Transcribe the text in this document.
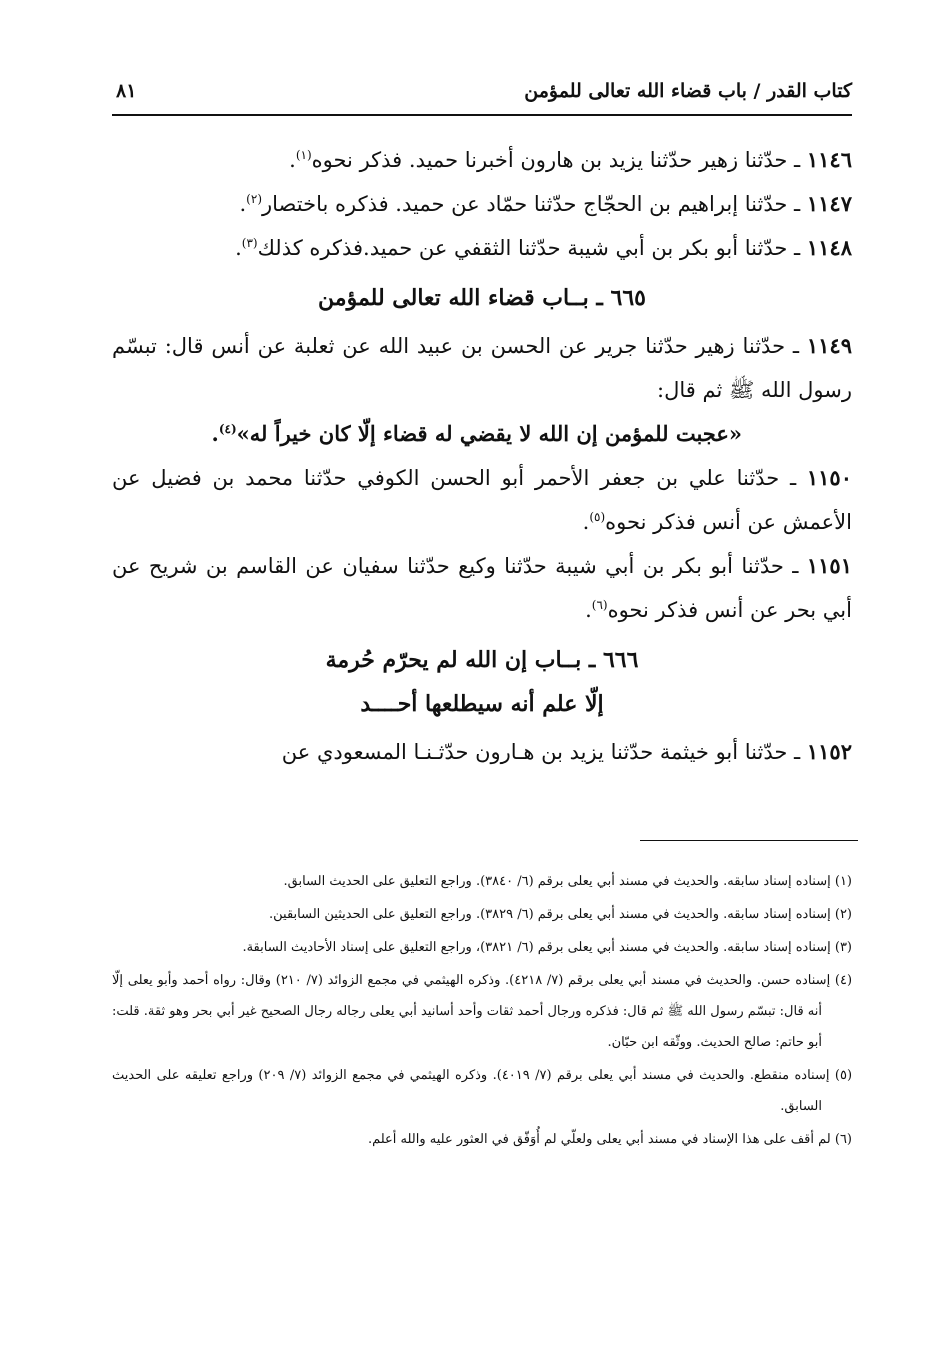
كتاب القدر / باب قضاء الله تعالى للمؤمن
٨١

١١٤٦ ـ حدّثنا زهير حدّثنا يزيد بن هارون أخبرنا حميد. فذكر نحوه$^{(١)}$.

١١٤٧ ـ حدّثنا إبراهيم بن الحجّاج حدّثنا حمّاد عن حميد. فذكره باختصار$^{(٢)}$.

١١٤٨ ـ حدّثنا أبو بكر بن أبي شيبة حدّثنا الثقفي عن حميد.فذكره كذلك$^{(٣)}$.

٦٦٥ ـ بــاب قضاء الله تعالى للمؤمن

١١٤٩ ـ حدّثنا زهير حدّثنا جرير عن الحسن بن عبيد الله عن ثعلبة عن أنس قال: تبسّم رسول الله ﷺ ثم قال:

«عجبت للمؤمن إن الله لا يقضي له قضاء إلّا كان خيراً له»$^{(٤)}$.

١١٥٠ ـ حدّثنا علي بن جعفر الأحمر أبو الحسن الكوفي حدّثنا محمد بن فضيل عن الأعمش عن أنس فذكر نحوه$^{(٥)}$.

١١٥١ ـ حدّثنا أبو بكر بن أبي شيبة حدّثنا وكيع حدّثنا سفيان عن القاسم بن شريح عن أبي بحر عن أنس فذكر نحوه$^{(٦)}$.

٦٦٦ ـ بــاب إن الله لم يحرّم حُرمة
إلّا علم أنه سيطلعها أحــــد

١١٥٢ ـ حدّثنا أبو خيثمة حدّثنا يزيد بن هـارون حدّثـنـا المسعودي عن

(١) إسناده إسناد سابقه. والحديث في مسند أبي يعلى برقم (٦/ ٣٨٤٠). وراجع التعليق على الحديث السابق.

(٢) إسناده إسناد سابقه. والحديث في مسند أبي يعلى برقم (٦/ ٣٨٢٩). وراجع التعليق على الحديثين السابقين.

(٣) إسناده إسناد سابقه. والحديث في مسند أبي يعلى برقم (٦/ ٣٨٢١)، وراجع التعليق على إسناد الأحاديث السابقة.

(٤) إسناده حسن. والحديث في مسند أبي يعلى برقم (٧/ ٤٢١٨). وذكره الهيثمي في مجمع الزوائد (٧/ ٢١٠) وقال: رواه أحمد وأبو يعلى إلّا أنه قال: تبسّم رسول الله ﷺ ثم قال: فذكره ورجال أحمد ثقات وأحد أسانيد أبي يعلى رجاله رجال الصحيح غير أبي بحر وهو ثقة. قلت: أبو حاتم: صالح الحديث. ووثّقه ابن حبّان.

(٥) إسناده منقطع. والحديث في مسند أبي يعلى برقم (٧/ ٤٠١٩). وذكره الهيثمي في مجمع الزوائد (٧/ ٢٠٩) وراجع تعليقه على الحديث السابق.

(٦) لم أقف على هذا الإسناد في مسند أبي يعلى ولعلّي لم أُوَفّق في العثور عليه والله أعلم.
